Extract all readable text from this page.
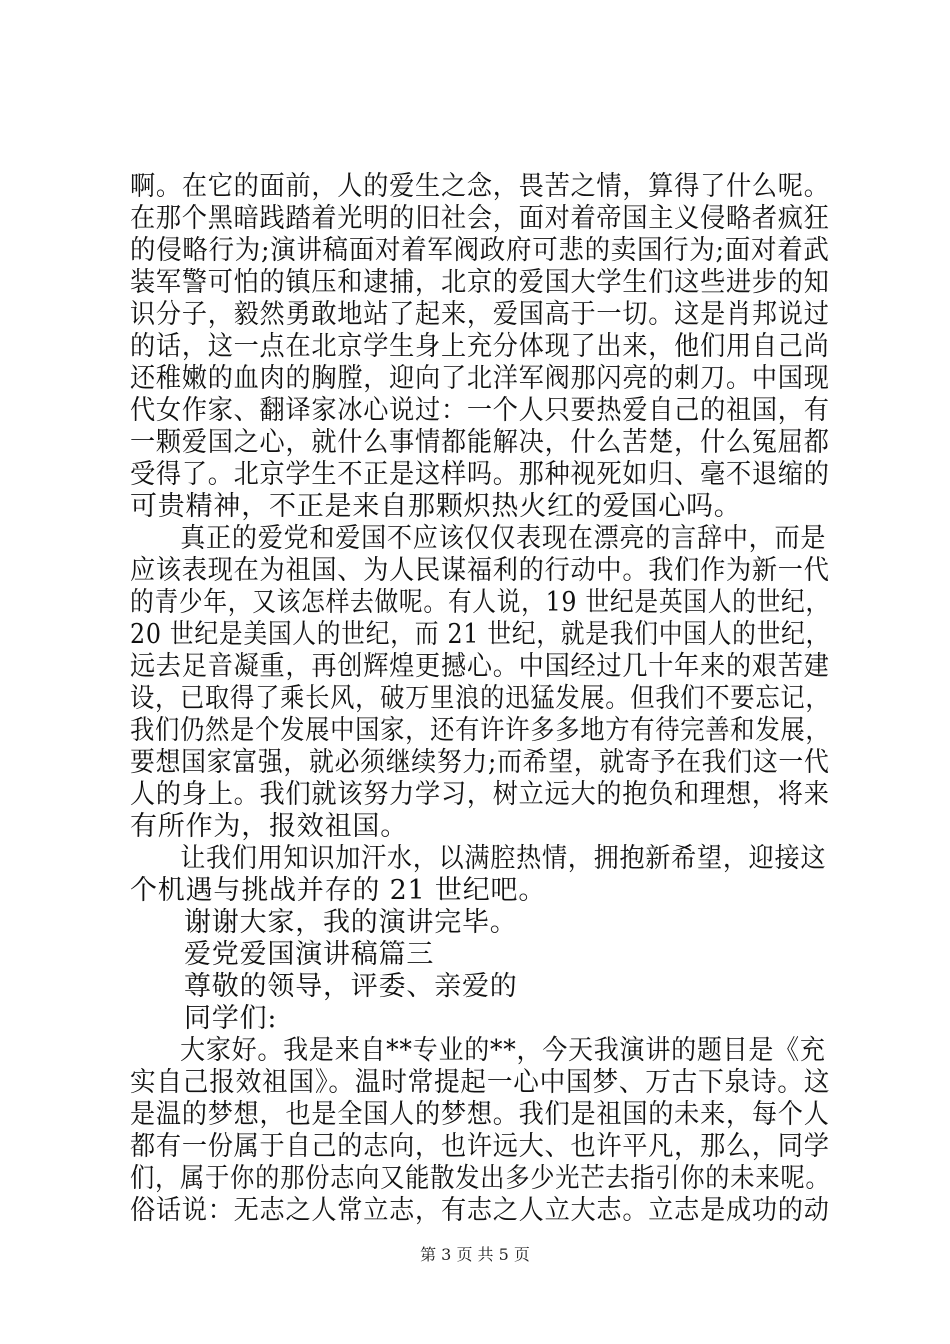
啊。在它的面前，人的爱生之念，畏苦之情，算得了什么呢。
在那个黑暗践踏着光明的旧社会，面对着帝国主义侵略者疯狂
的侵略行为;演讲稿面对着军阀政府可悲的卖国行为;面对着武
装军警可怕的镇压和逮捕，北京的爱国大学生们这些进步的知
识分子，毅然勇敢地站了起来，爱国高于一切。这是肖邦说过
的话，这一点在北京学生身上充分体现了出来，他们用自己尚
还稚嫩的血肉的胸膛，迎向了北洋军阀那闪亮的刺刀。中国现
代女作家、翻译家冰心说过：一个人只要热爱自己的祖国，有
一颗爱国之心，就什么事情都能解决，什么苦楚，什么冤屈都
受得了。北京学生不正是这样吗。那种视死如归、毫不退缩的
可贵精神，不正是来自那颗炽热火红的爱国心吗。
真正的爱党和爱国不应该仅仅表现在漂亮的言辞中，而是
应该表现在为祖国、为人民谋福利的行动中。我们作为新一代
的青少年，又该怎样去做呢。有人说，19 世纪是英国人的世纪，
20 世纪是美国人的世纪，而 21 世纪，就是我们中国人的世纪，
远去足音凝重，再创辉煌更撼心。中国经过几十年来的艰苦建
设，已取得了乘长风，破万里浪的迅猛发展。但我们不要忘记，
我们仍然是个发展中国家，还有许许多多地方有待完善和发展，
要想国家富强，就必须继续努力;而希望，就寄予在我们这一代
人的身上。我们就该努力学习，树立远大的抱负和理想，将来
有所作为，报效祖国。
让我们用知识加汗水，以满腔热情，拥抱新希望，迎接这
个机遇与挑战并存的 21 世纪吧。
谢谢大家，我的演讲完毕。
爱党爱国演讲稿篇三
尊敬的领导，评委、亲爱的
同学们:
大家好。我是来自**专业的**，今天我演讲的题目是《充
实自己报效祖国》。温时常提起一心中国梦、万古下泉诗。这
是温的梦想，也是全国人的梦想。我们是祖国的未来，每个人
都有一份属于自己的志向，也许远大、也许平凡，那么，同学
们，属于你的那份志向又能散发出多少光芒去指引你的未来呢。
俗话说：无志之人常立志，有志之人立大志。立志是成功的动
第 3 页 共 5 页
